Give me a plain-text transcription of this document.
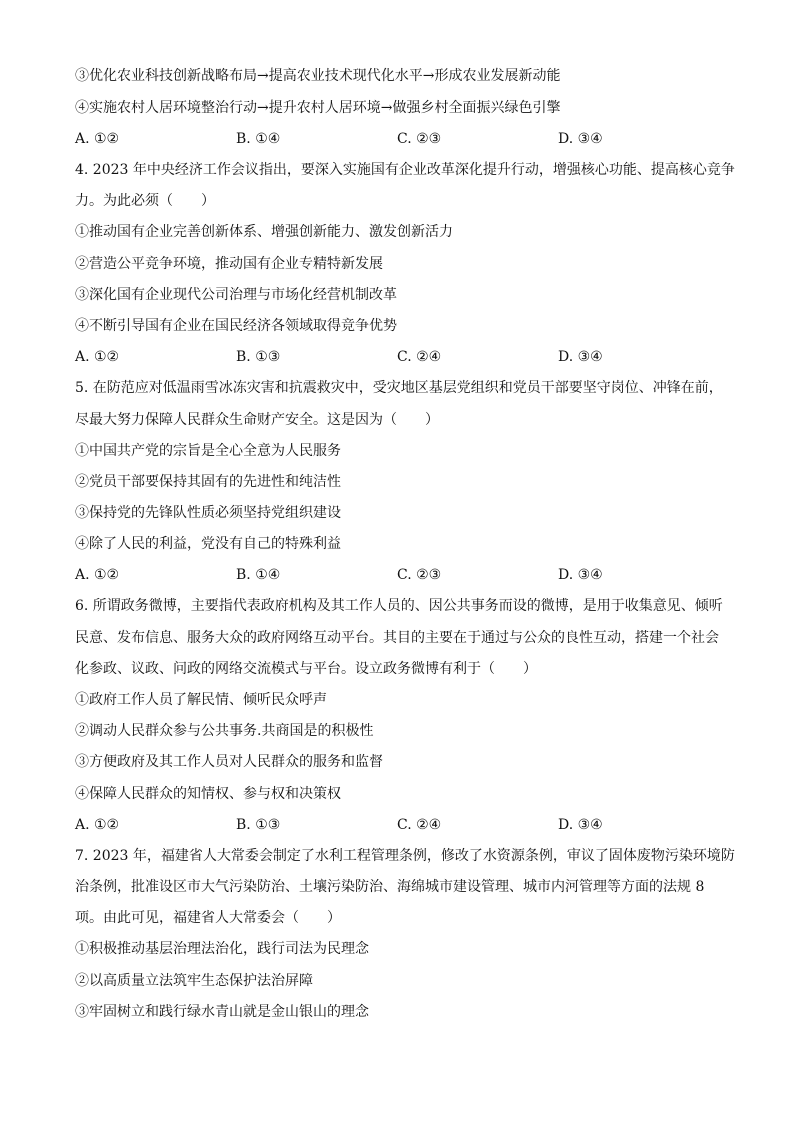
③优化农业科技创新战略布局→提高农业技术现代化水平→形成农业发展新动能
④实施农村人居环境整治行动→提升农村人居环境→做强乡村全面振兴绿色引擎
A. ①②	B. ①④	C. ②③	D. ③④
4. 2023 年中央经济工作会议指出，要深入实施国有企业改革深化提升行动，增强核心功能、提高核心竞争
力。为此必须（　　）
①推动国有企业完善创新体系、增强创新能力、激发创新活力
②营造公平竞争环境，推动国有企业专精特新发展
③深化国有企业现代公司治理与市场化经营机制改革
④不断引导国有企业在国民经济各领域取得竞争优势
A. ①②	B. ①③	C. ②④	D. ③④
5. 在防范应对低温雨雪冰冻灾害和抗震救灾中，受灾地区基层党组织和党员干部要坚守岗位、冲锋在前，
尽最大努力保障人民群众生命财产安全。这是因为（　　）
①中国共产党的宗旨是全心全意为人民服务
②党员干部要保持其固有的先进性和纯洁性
③保持党的先锋队性质必须坚持党组织建设
④除了人民的利益，党没有自己的特殊利益
A. ①②	B. ①④	C. ②③	D. ③④
6. 所谓政务微博，主要指代表政府机构及其工作人员的、因公共事务而设的微博，是用于收集意见、倾听
民意、发布信息、服务大众的政府网络互动平台。其目的主要在于通过与公众的良性互动，搭建一个社会
化参政、议政、问政的网络交流模式与平台。设立政务微博有利于（　　）
①政府工作人员了解民情、倾听民众呼声
②调动人民群众参与公共事务.共商国是的积极性
③方便政府及其工作人员对人民群众的服务和监督
④保障人民群众的知情权、参与权和决策权
A. ①②	B. ①③	C. ②④	D. ③④
7. 2023 年，福建省人大常委会制定了水利工程管理条例，修改了水资源条例，审议了固体废物污染环境防
治条例，批准设区市大气污染防治、土壤污染防治、海绵城市建设管理、城市内河管理等方面的法规 8
项。由此可见，福建省人大常委会（　　）
①积极推动基层治理法治化，践行司法为民理念
②以高质量立法筑牢生态保护法治屏障
③牢固树立和践行绿水青山就是金山银山的理念
